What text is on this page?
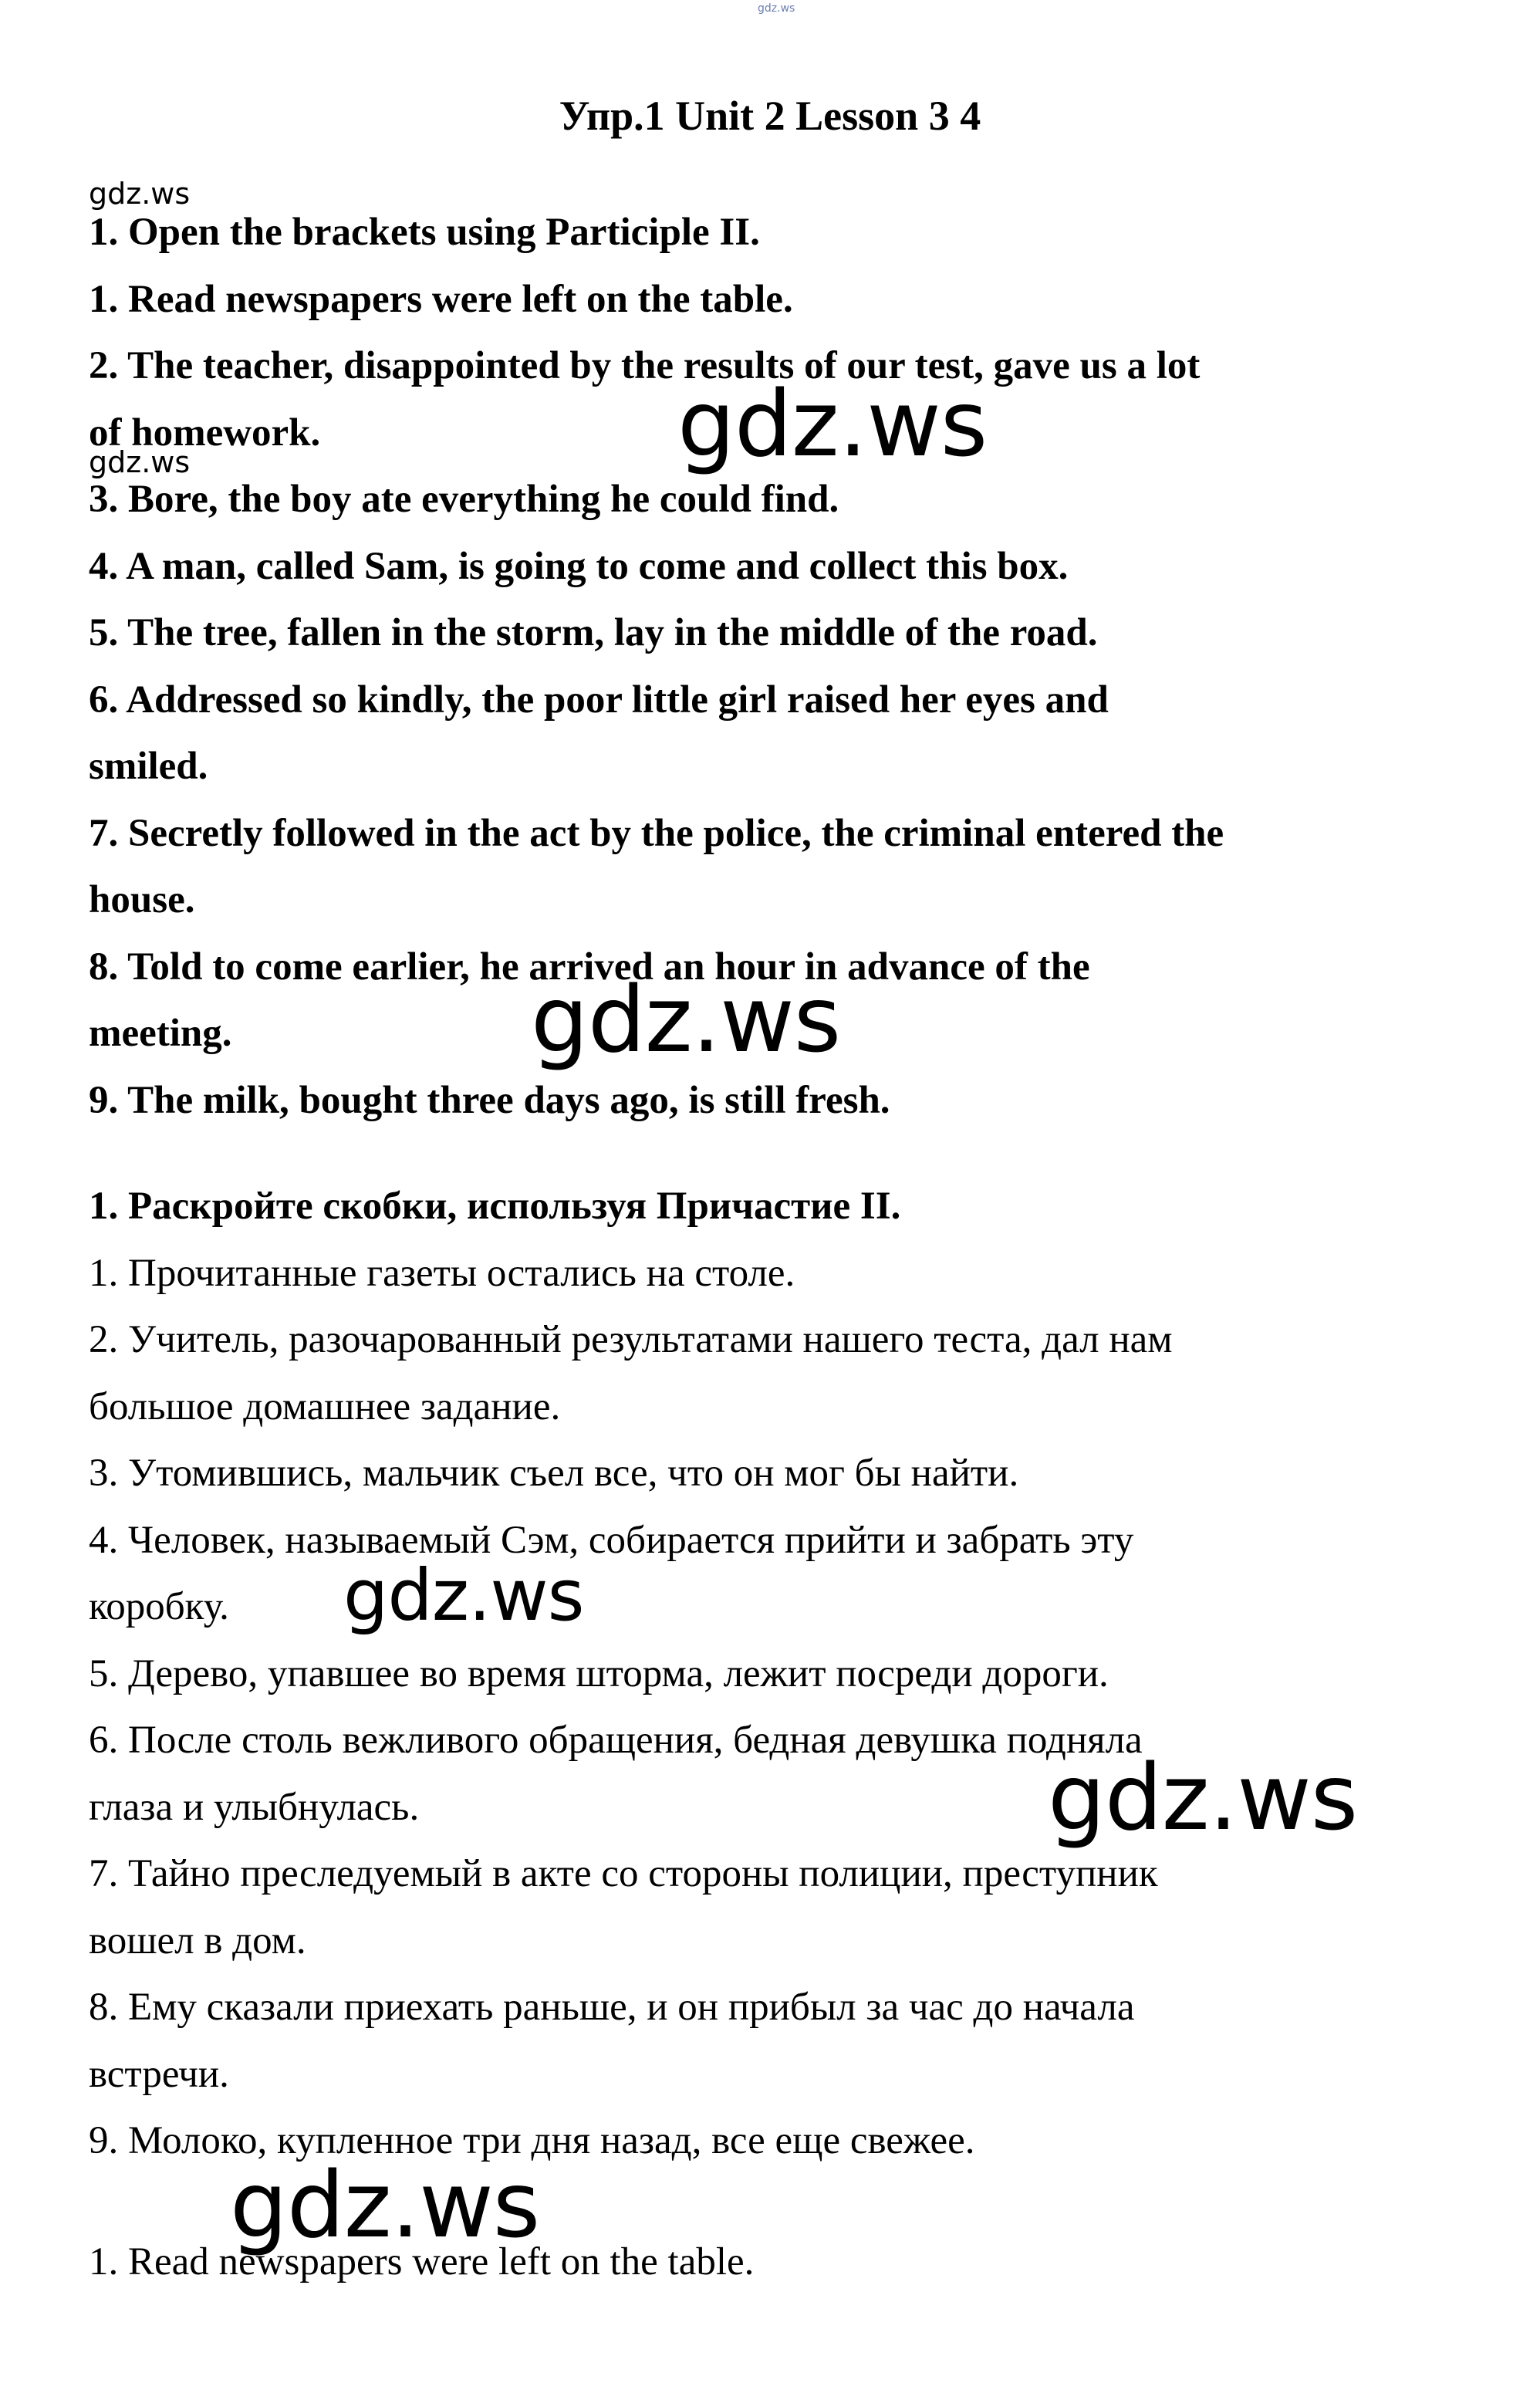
gdz.ws
Упр.1 Unit 2 Lesson 3 4
gdz.ws

1. Open the brackets using Participle II.

1. Read newspapers were left on the table.

2. The teacher, disappointed by the results of our test, gave us a lot

of homework.

3. Bore, the boy ate everything he could find.

4. A man, called Sam, is going to come and collect this box.

5. The tree, fallen in the storm, lay in the middle of the road.

6. Addressed so kindly, the poor little girl raised her eyes and

smiled.

7. Secretly followed in the act by the police, the criminal entered the

house.

8. Told to come earlier, he arrived an hour in advance of the

meeting.

9. The milk, bought three days ago, is still fresh.

gdz.ws

1. Раскройте скобки, используя Причастие II.

1. Прочитанные газеты остались на столе.

2. Учитель, разочарованный результатами нашего теста, дал нам

большое домашнее задание.

3. Утомившись, мальчик съел все, что он мог бы найти.

4. Человек, называемый Сэм, собирается прийти и забрать эту

коробку.

5. Дерево, упавшее во время шторма, лежит посреди дороги.

6. После столь вежливого обращения, бедная девушка подняла

глаза и улыбнулась.

7. Тайно преследуемый в акте со стороны полиции, преступник

вошел в дом.

8. Ему сказали приехать раньше, и он прибыл за час до начала

встречи.

9. Молоко, купленное три дня назад, все еще свежее.

1. Read newspapers were left on the table.

gdz.ws
gdz.ws
gdz.ws
gdz.ws
gdz.ws
